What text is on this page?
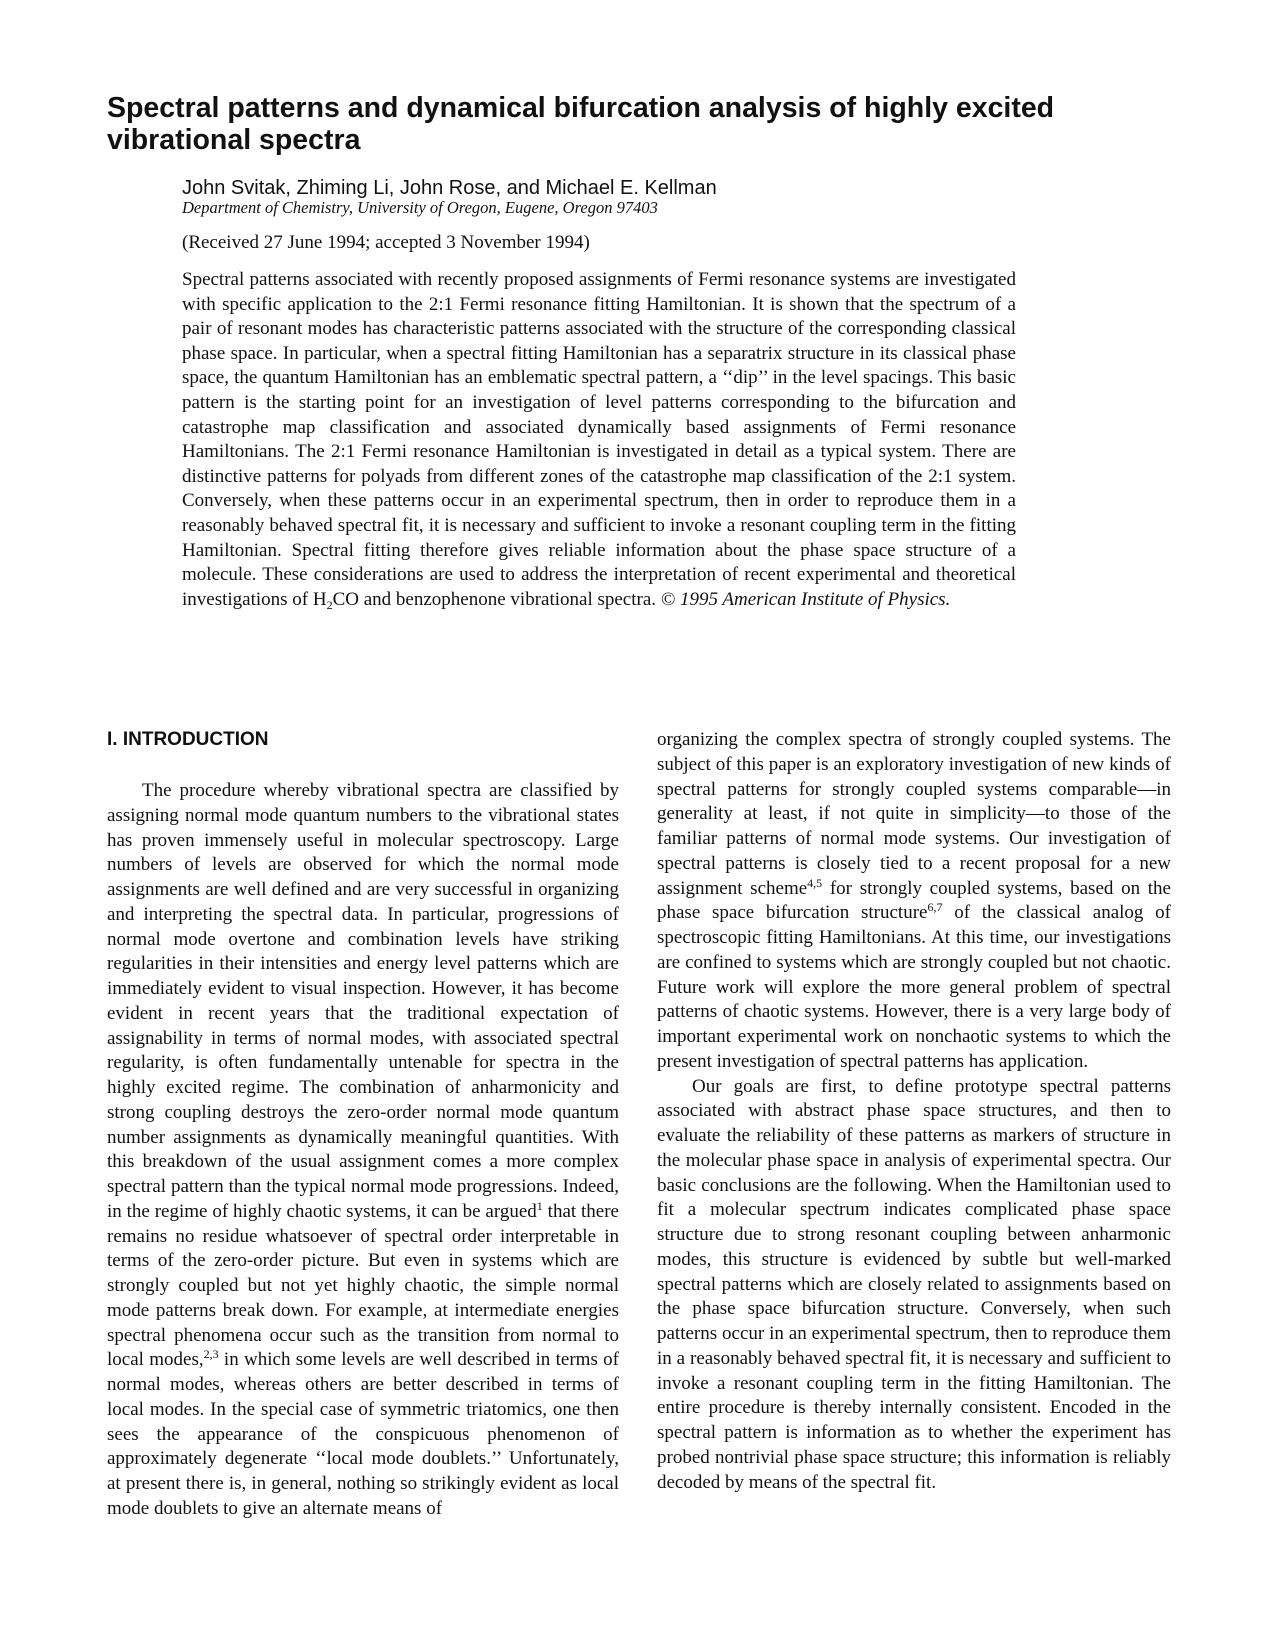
Spectral patterns and dynamical bifurcation analysis of highly excited vibrational spectra
John Svitak, Zhiming Li, John Rose, and Michael E. Kellman
Department of Chemistry, University of Oregon, Eugene, Oregon 97403
(Received 27 June 1994; accepted 3 November 1994)

Spectral patterns associated with recently proposed assignments of Fermi resonance systems are investigated with specific application to the 2:1 Fermi resonance fitting Hamiltonian. It is shown that the spectrum of a pair of resonant modes has characteristic patterns associated with the structure of the corresponding classical phase space. In particular, when a spectral fitting Hamiltonian has a separatrix structure in its classical phase space, the quantum Hamiltonian has an emblematic spectral pattern, a ‘‘dip’’ in the level spacings. This basic pattern is the starting point for an investigation of level patterns corresponding to the bifurcation and catastrophe map classification and associated dynamically based assignments of Fermi resonance Hamiltonians. The 2:1 Fermi resonance Hamiltonian is investigated in detail as a typical system. There are distinctive patterns for polyads from different zones of the catastrophe map classification of the 2:1 system. Conversely, when these patterns occur in an experimental spectrum, then in order to reproduce them in a reasonably behaved spectral fit, it is necessary and sufficient to invoke a resonant coupling term in the fitting Hamiltonian. Spectral fitting therefore gives reliable information about the phase space structure of a molecule. These considerations are used to address the interpretation of recent experimental and theoretical investigations of $H_2CO$ and benzophenone vibrational spectra. © 1995 American Institute of Physics.

I. INTRODUCTION

The procedure whereby vibrational spectra are classified by assigning normal mode quantum numbers to the vibrational states has proven immensely useful in molecular spectroscopy. Large numbers of levels are observed for which the normal mode assignments are well defined and are very successful in organizing and interpreting the spectral data. In particular, progressions of normal mode overtone and combination levels have striking regularities in their intensities and energy level patterns which are immediately evident to visual inspection. However, it has become evident in recent years that the traditional expectation of assignability in terms of normal modes, with associated spectral regularity, is often fundamentally untenable for spectra in the highly excited regime. The combination of anharmonicity and strong coupling destroys the zero-order normal mode quantum number assignments as dynamically meaningful quantities. With this breakdown of the usual assignment comes a more complex spectral pattern than the typical normal mode progressions. Indeed, in the regime of highly chaotic systems, it can be argued$^1$ that there remains no residue whatsoever of spectral order interpretable in terms of the zero-order picture. But even in systems which are strongly coupled but not yet highly chaotic, the simple normal mode patterns break down. For example, at intermediate energies spectral phenomena occur such as the transition from normal to local modes,$^{2,3}$ in which some levels are well described in terms of normal modes, whereas others are better described in terms of local modes. In the special case of symmetric triatomics, one then sees the appearance of the conspicuous phenomenon of approximately degenerate ‘‘local mode doublets.’’ Unfortunately, at present there is, in general, nothing so strikingly evident as local mode doublets to give an alternate means of

organizing the complex spectra of strongly coupled systems. The subject of this paper is an exploratory investigation of new kinds of spectral patterns for strongly coupled systems comparable—in generality at least, if not quite in simplicity—to those of the familiar patterns of normal mode systems. Our investigation of spectral patterns is closely tied to a recent proposal for a new assignment scheme$^{4,5}$ for strongly coupled systems, based on the phase space bifurcation structure$^{6,7}$ of the classical analog of spectroscopic fitting Hamiltonians. At this time, our investigations are confined to systems which are strongly coupled but not chaotic. Future work will explore the more general problem of spectral patterns of chaotic systems. However, there is a very large body of important experimental work on nonchaotic systems to which the present investigation of spectral patterns has application.

Our goals are first, to define prototype spectral patterns associated with abstract phase space structures, and then to evaluate the reliability of these patterns as markers of structure in the molecular phase space in analysis of experimental spectra. Our basic conclusions are the following. When the Hamiltonian used to fit a molecular spectrum indicates complicated phase space structure due to strong resonant coupling between anharmonic modes, this structure is evidenced by subtle but well-marked spectral patterns which are closely related to assignments based on the phase space bifurcation structure. Conversely, when such patterns occur in an experimental spectrum, then to reproduce them in a reasonably behaved spectral fit, it is necessary and sufficient to invoke a resonant coupling term in the fitting Hamiltonian. The entire procedure is thereby internally consistent. Encoded in the spectral pattern is information as to whether the experiment has probed nontrivial phase space structure; this information is reliably decoded by means of the spectral fit.
